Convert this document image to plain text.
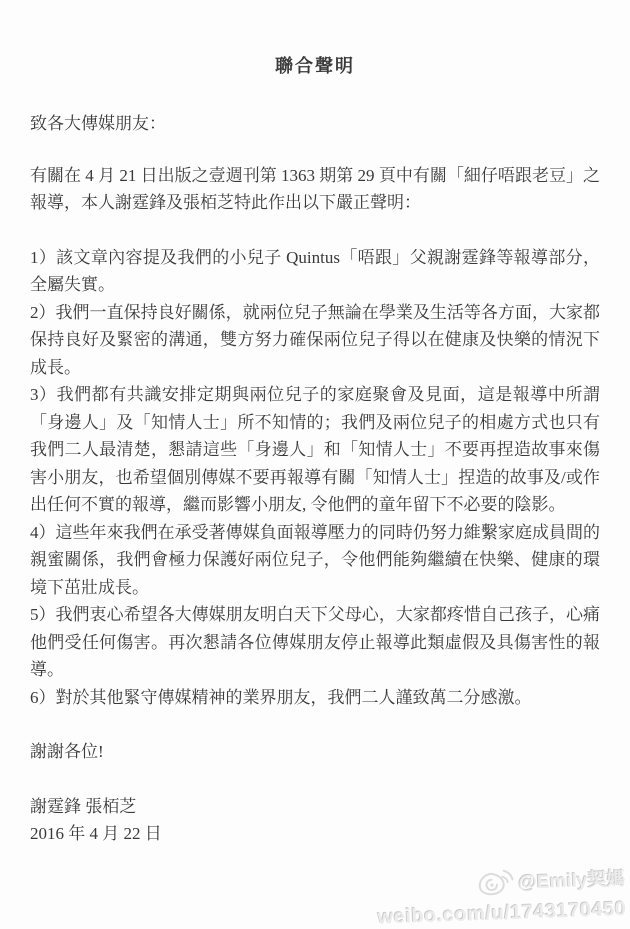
聯合聲明

致各大傳媒朋友：

有關在 4 月 21 日出版之壹週刊第 1363 期第 29 頁中有關「細仔唔跟老豆」之報導，本人謝霆鋒及張栢芝特此作出以下嚴正聲明：

1）該文章內容提及我們的小兒子 Quintus「唔跟」父親謝霆鋒等報導部分，全屬失實。

2）我們一直保持良好關係，就兩位兒子無論在學業及生活等各方面，大家都保持良好及緊密的溝通，雙方努力確保兩位兒子得以在健康及快樂的情況下成長。

3）我們都有共識安排定期與兩位兒子的家庭聚會及見面，這是報導中所謂「身邊人」及「知情人士」所不知情的；我們及兩位兒子的相處方式也只有我們二人最清楚，懇請這些「身邊人」和「知情人士」不要再捏造故事來傷害小朋友，也希望個別傳媒不要再報導有關「知情人士」捏造的故事及/或作出任何不實的報導，繼而影響小朋友, 令他們的童年留下不必要的陰影。

4）這些年來我們在承受著傳媒負面報導壓力的同時仍努力維繫家庭成員間的親蜜關係，我們會極力保護好兩位兒子，令他們能夠繼續在快樂、健康的環境下茁壯成長。

5）我們衷心希望各大傳媒朋友明白天下父母心，大家都疼惜自己孩子，心痛他們受任何傷害。再次懇請各位傳媒朋友停止報導此類虛假及具傷害性的報導。

6）對於其他緊守傳媒精神的業界朋友，我們二人謹致萬二分感激。

謝謝各位!

謝霆鋒 張栢芝

2016 年 4 月 22 日

@Emily契媽
weibo.com/u/1743170450
